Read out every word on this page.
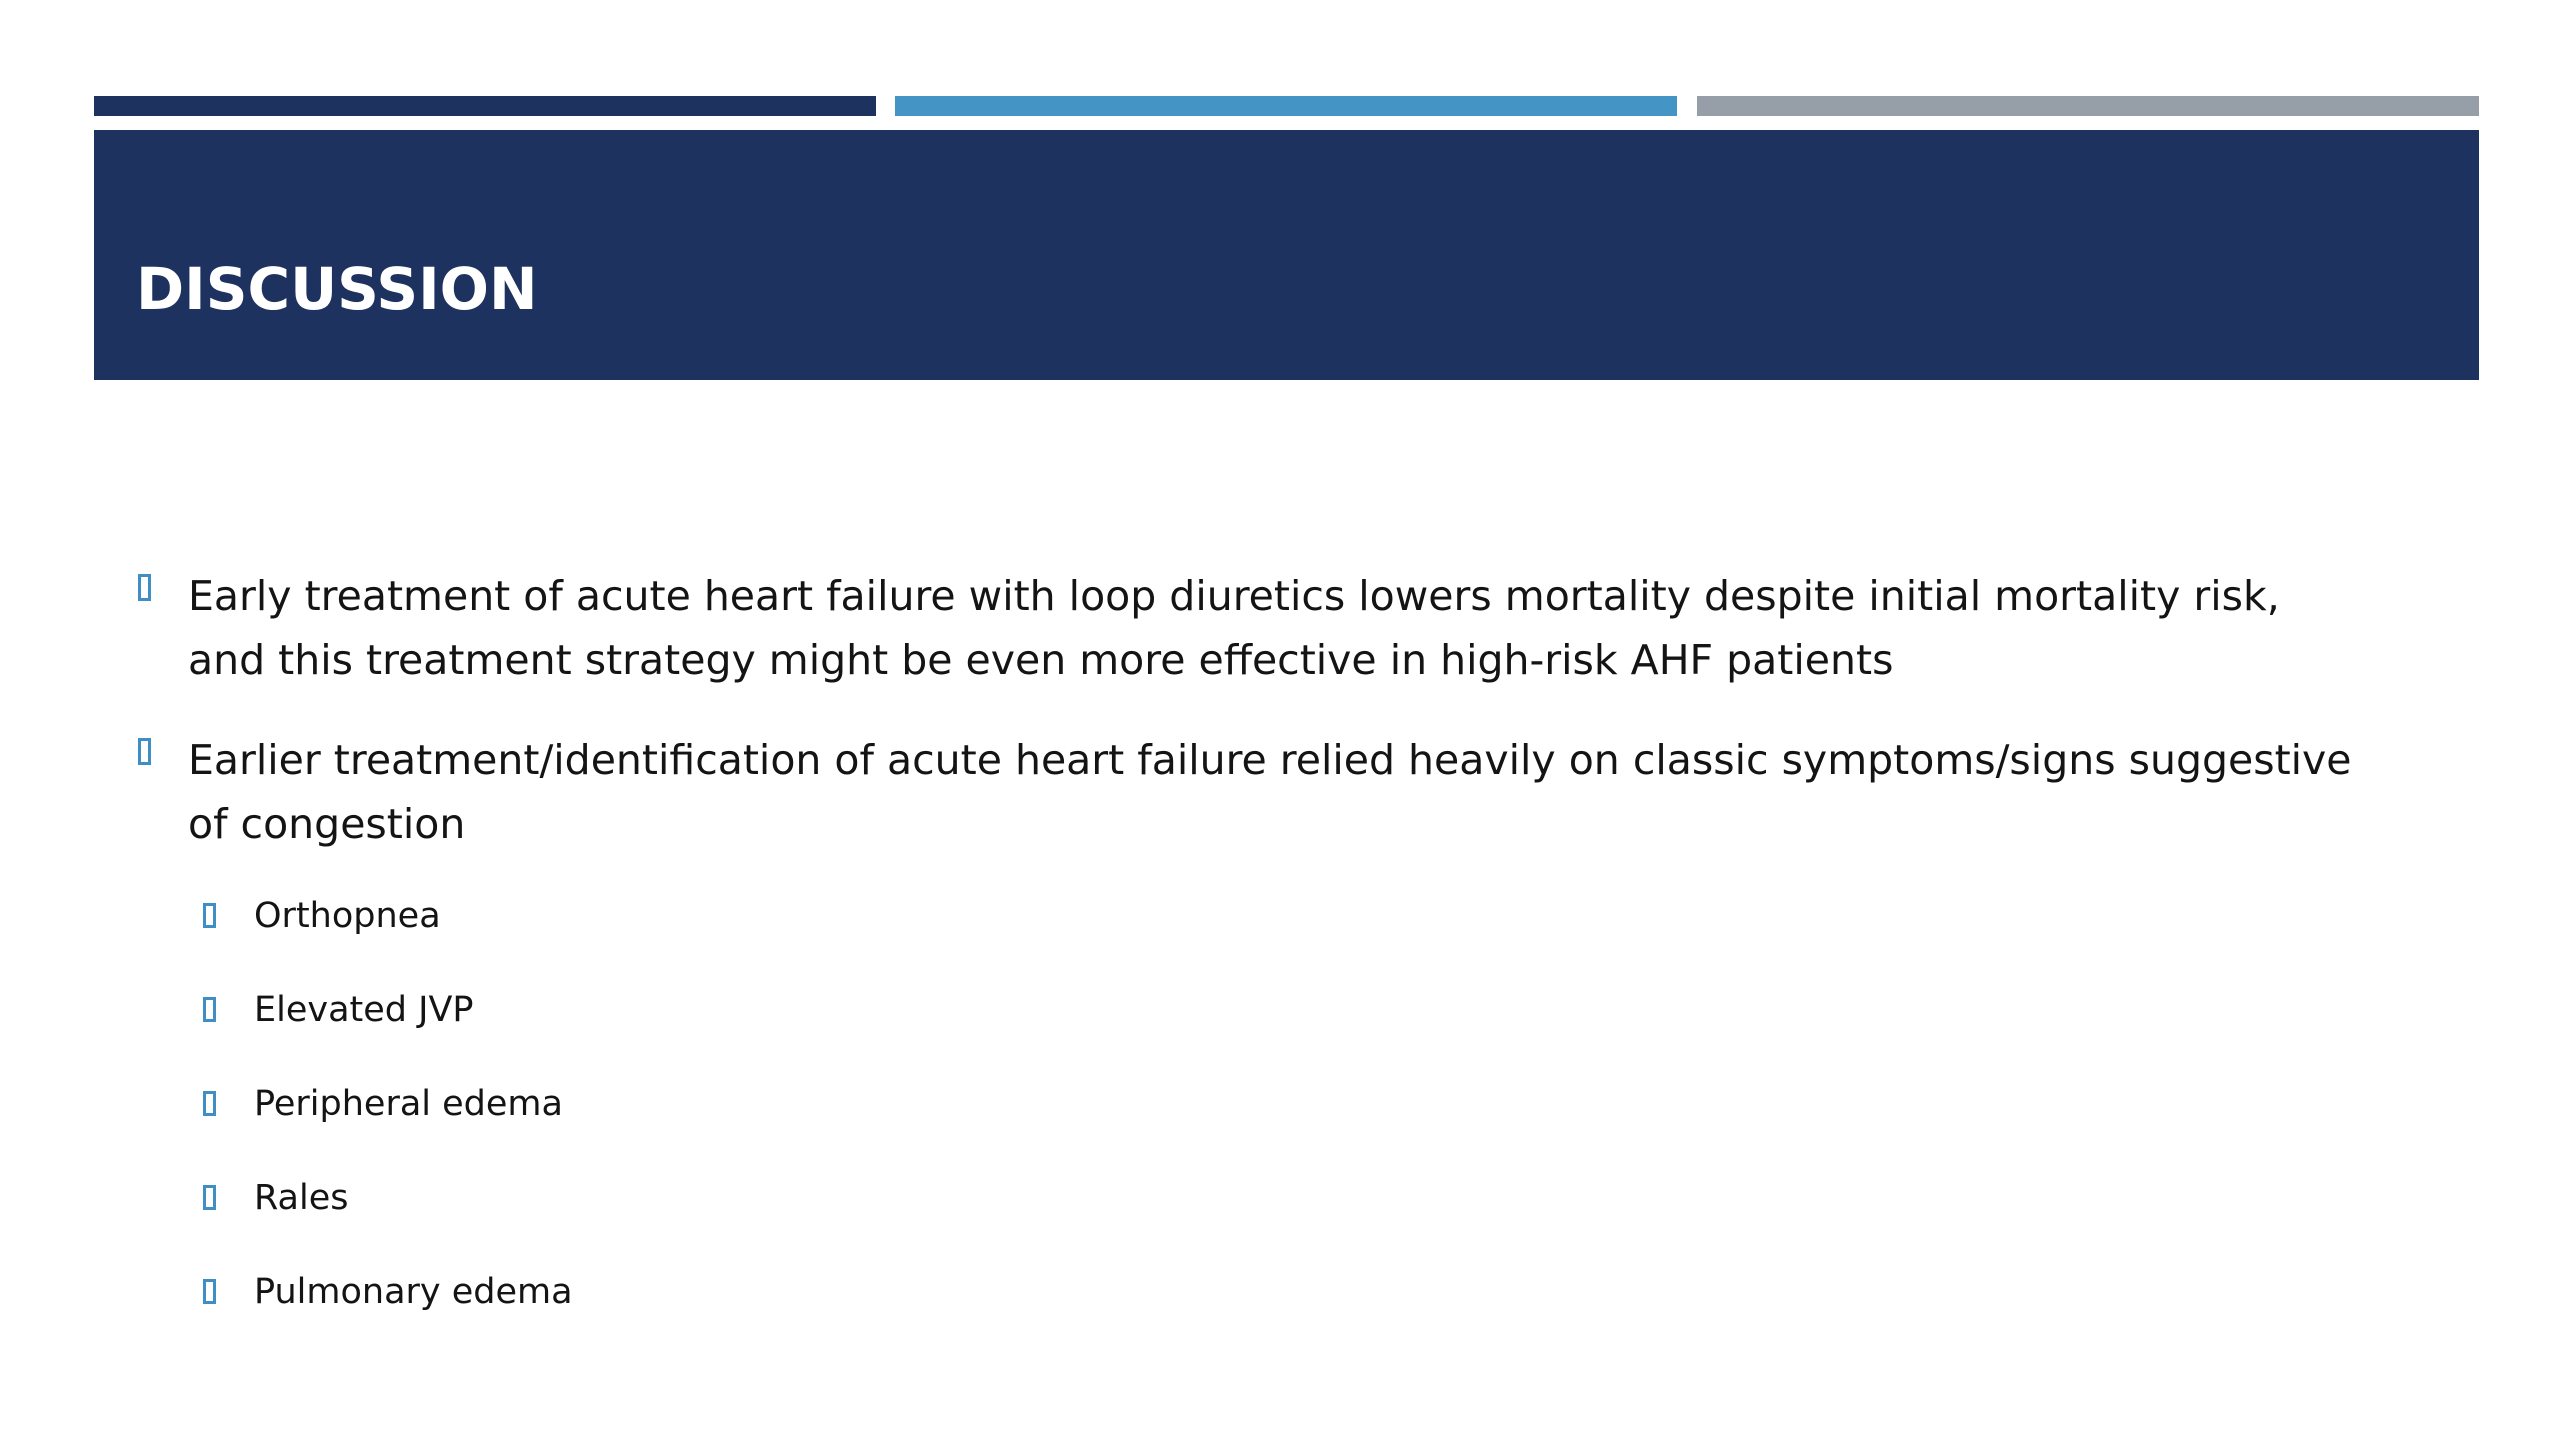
DISCUSSION

Early treatment of acute heart failure with loop diuretics lowers mortality despite initial mortality risk, and this treatment strategy might be even more effective in high-risk AHF patients

Earlier treatment/identification of acute heart failure relied heavily on classic symptoms/signs suggestive of congestion

Orthopnea

Elevated JVP

Peripheral edema

Rales

Pulmonary edema
